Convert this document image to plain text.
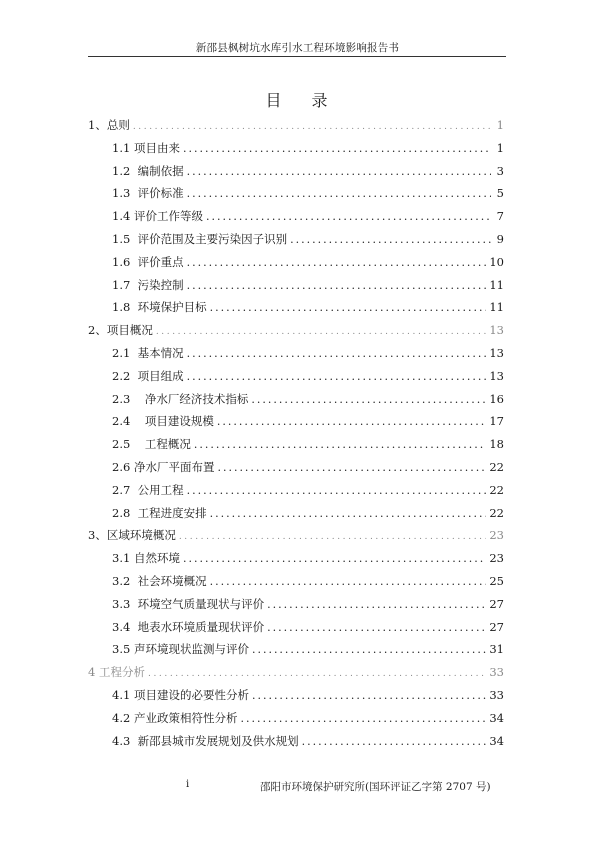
新邵县枫树坑水库引水工程环境影响报告书
目 录
1、总则 .....	1
1.1 项目由来 .....	1
1.2  编制依据 .....	3
1.3  评价标准 .....	5
1.4 评价工作等级 .....	7
1.5  评价范围及主要污染因子识别 .....	9
1.6  评价重点 .....	10
1.7  污染控制 .....	11
1.8  环境保护目标 .....	11
2、项目概况 .....	13
2.1  基本情况 .....	13
2.2  项目组成 .....	13
2.3    净水厂经济技术指标 .....	16
2.4    项目建设规模 .....	17
2.5    工程概况 .....	18
2.6 净水厂平面布置 .....	22
2.7  公用工程 .....	22
2.8  工程进度安排 .....	22
3、区域环境概况 .....	23
3.1 自然环境 .....	23
3.2  社会环境概况 .....	25
3.3  环境空气质量现状与评价 .....	27
3.4  地表水环境质量现状评价 .....	27
3.5 声环境现状监测与评价 .....	31
4 工程分析 .....	33
4.1 项目建设的必要性分析 .....	33
4.2 产业政策相符性分析 .....	34
4.3  新邵县城市发展规划及供水规划 .....	34
i	邵阳市环境保护研究所(国环评证乙字第 2707 号)
